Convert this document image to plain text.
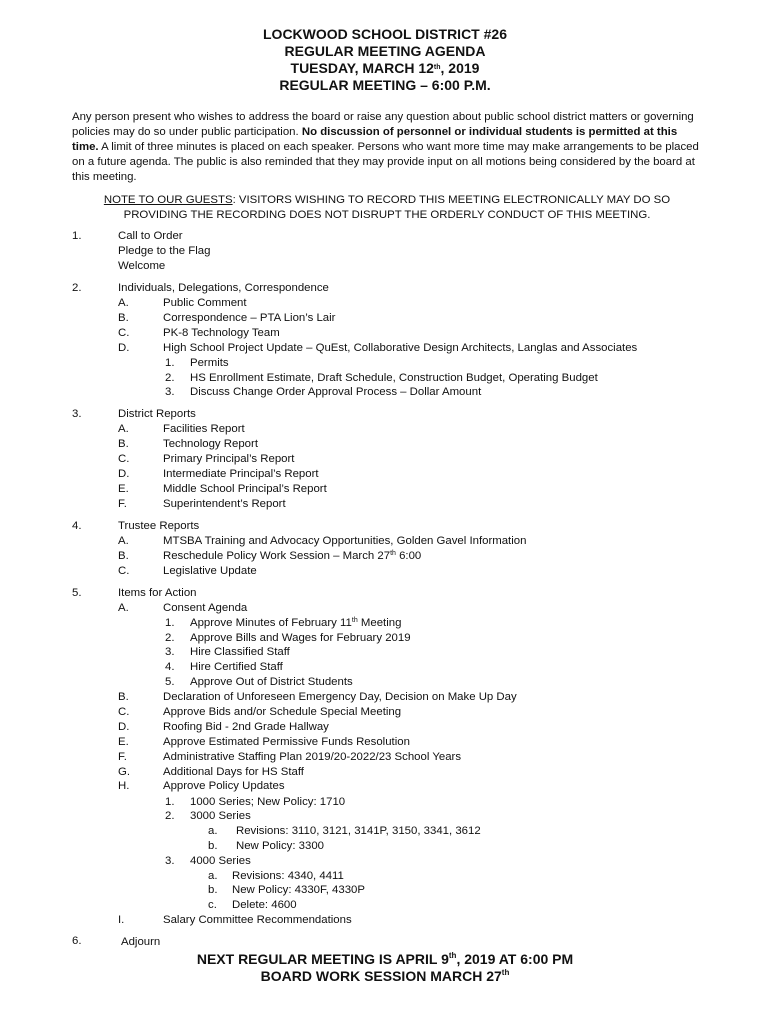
LOCKWOOD SCHOOL DISTRICT #26
REGULAR MEETING AGENDA
TUESDAY, MARCH 12th, 2019
REGULAR MEETING – 6:00 P.M.
Any person present who wishes to address the board or raise any question about public school district matters or governing policies may do so under public participation. No discussion of personnel or individual students is permitted at this time. A limit of three minutes is placed on each speaker. Persons who want more time may make arrangements to be placed on a future agenda. The public is also reminded that they may provide input on all motions being considered by the board at this meeting.
NOTE TO OUR GUESTS: VISITORS WISHING TO RECORD THIS MEETING ELECTRONICALLY MAY DO SO PROVIDING THE RECORDING DOES NOT DISRUPT THE ORDERLY CONDUCT OF THIS MEETING.
1.	Call to Order
Pledge to the Flag
Welcome
2.	Individuals, Delegations, Correspondence
A.	Public Comment
B.	Correspondence – PTA Lion’s Lair
C.	PK-8 Technology Team
D.	High School Project Update – QuEst, Collaborative Design Architects, Langlas and Associates
1. Permits
2. HS Enrollment Estimate, Draft Schedule, Construction Budget, Operating Budget
3. Discuss Change Order Approval Process – Dollar Amount
3.	District Reports
A.	Facilities Report
B.	Technology Report
C.	Primary Principal’s Report
D.	Intermediate Principal’s Report
E.	Middle School Principal’s Report
F.	Superintendent’s Report
4.	Trustee Reports
A.	MTSBA Training and Advocacy Opportunities, Golden Gavel Information
B.	Reschedule Policy Work Session – March 27th 6:00
C.	Legislative Update
5.	Items for Action
A.	Consent Agenda
1. Approve Minutes of February 11th Meeting
2. Approve Bills and Wages for February 2019
3. Hire Classified Staff
4. Hire Certified Staff
5. Approve Out of District Students
B.	Declaration of Unforeseen Emergency Day, Decision on Make Up Day
C.	Approve Bids and/or Schedule Special Meeting
D.	Roofing Bid - 2nd Grade Hallway
E.	Approve Estimated Permissive Funds Resolution
F.	Administrative Staffing Plan 2019/20-2022/23 School Years
G.	Additional Days for HS Staff
H.	Approve Policy Updates
1. 1000 Series; New Policy: 1710
2. 3000 Series
a. Revisions: 3110, 3121, 3141P, 3150, 3341, 3612
b. New Policy: 3300
3. 4000 Series
a. Revisions: 4340, 4411
b. New Policy: 4330F, 4330P
c. Delete: 4600
I.	Salary Committee Recommendations
6.	Adjourn
NEXT REGULAR MEETING IS APRIL 9th, 2019 AT 6:00 PM
BOARD WORK SESSION MARCH 27th
